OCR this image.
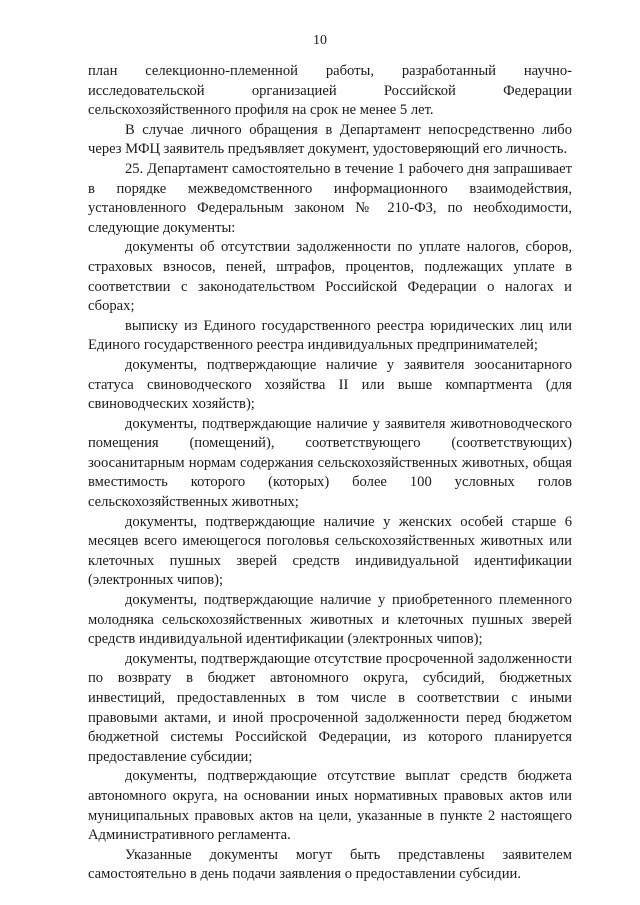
10

план селекционно-племенной работы, разработанный научно-исследовательской организацией Российской Федерации сельскохозяйственного профиля на срок не менее 5 лет.

В случае личного обращения в Департамент непосредственно либо через МФЦ заявитель предъявляет документ, удостоверяющий его личность.

25. Департамент самостоятельно в течение 1 рабочего дня запрашивает в порядке межведомственного информационного взаимодействия, установленного Федеральным законом № 210-ФЗ, по необходимости, следующие документы:

документы об отсутствии задолженности по уплате налогов, сборов, страховых взносов, пеней, штрафов, процентов, подлежащих уплате в соответствии с законодательством Российской Федерации о налогах и сборах;

выписку из Единого государственного реестра юридических лиц или Единого государственного реестра индивидуальных предпринимателей;

документы, подтверждающие наличие у заявителя зоосанитарного статуса свиноводческого хозяйства II или выше компартмента (для свиноводческих хозяйств);

документы, подтверждающие наличие у заявителя животноводческого помещения (помещений), соответствующего (соответствующих) зоосанитарным нормам содержания сельскохозяйственных животных, общая вместимость которого (которых) более 100 условных голов сельскохозяйственных животных;

документы, подтверждающие наличие у женских особей старше 6 месяцев всего имеющегося поголовья сельскохозяйственных животных или клеточных пушных зверей средств индивидуальной идентификации (электронных чипов);

документы, подтверждающие наличие у приобретенного племенного молодняка сельскохозяйственных животных и клеточных пушных зверей средств индивидуальной идентификации (электронных чипов);

документы, подтверждающие отсутствие просроченной задолженности по возврату в бюджет автономного округа, субсидий, бюджетных инвестиций, предоставленных в том числе в соответствии с иными правовыми актами, и иной просроченной задолженности перед бюджетом бюджетной системы Российской Федерации, из которого планируется предоставление субсидии;

документы, подтверждающие отсутствие выплат средств бюджета автономного округа, на основании иных нормативных правовых актов или муниципальных правовых актов на цели, указанные в пункте 2 настоящего Административного регламента.

Указанные документы могут быть представлены заявителем самостоятельно в день подачи заявления о предоставлении субсидии.
